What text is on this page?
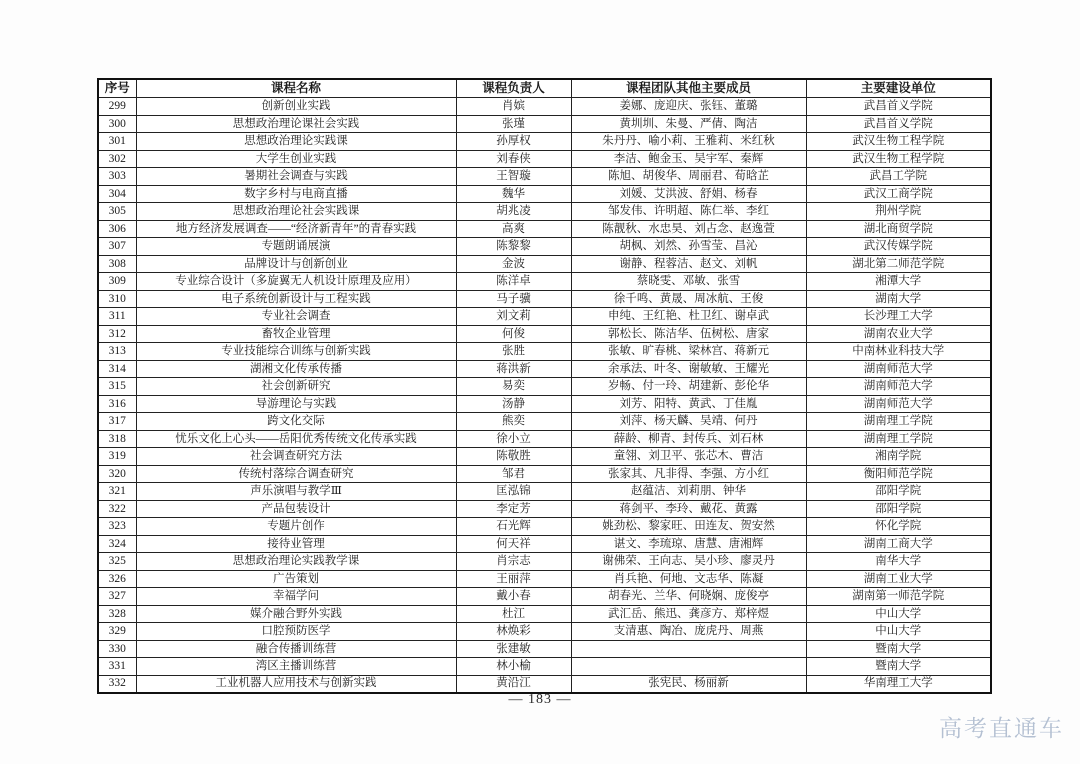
序号	课程名称	课程负责人	课程团队其他主要成员	主要建设单位
299	创新创业实践	肖嫔	姜娜、庞迎庆、张钰、董璐	武昌首义学院
300	思想政治理论课社会实践	张瑾	黄圳圳、朱曼、严倩、陶洁	武昌首义学院
301	思想政治理论实践课	孙厚权	朱丹丹、喻小莉、王雅莉、米红秋	武汉生物工程学院
302	大学生创业实践	刘春侠	李洁、鲍金玉、吴宇军、秦辉	武汉生物工程学院
303	暑期社会调查与实践	王智璇	陈旭、胡俊华、周丽君、荀晗芷	武昌工学院
304	数字乡村与电商直播	魏华	刘媛、艾洪波、舒娟、杨春	武汉工商学院
305	思想政治理论社会实践课	胡兆凌	邹发伟、许明超、陈仁举、李红	荆州学院
306	地方经济发展调查——“经济新青年”的青春实践	高爽	陈靓秋、水忠昊、刘占念、赵逸萱	湖北商贸学院
307	专题朗诵展演	陈黎黎	胡枫、刘然、孙雪莹、昌沁	武汉传媒学院
308	品牌设计与创新创业	金波	谢静、程蓉洁、赵文、刘帆	湖北第二师范学院
309	专业综合设计（多旋翼无人机设计原理及应用）	陈洋卓	蔡晓雯、邓敏、张雪	湘潭大学
310	电子系统创新设计与工程实践	马子骥	徐千鸣、黄晟、周冰航、王俊	湖南大学
311	专业社会调查	刘文莉	申纯、王红艳、杜卫红、谢卓武	长沙理工大学
312	畜牧企业管理	何俊	郭松长、陈洁华、伍树松、唐家	湖南农业大学
313	专业技能综合训练与创新实践	张胜	张敏、旷春桃、梁林宫、蒋新元	中南林业科技大学
314	湖湘文化传承传播	蒋洪新	余承法、叶冬、谢敏敏、王耀光	湖南师范大学
315	社会创新研究	易奕	岁畅、付一玲、胡建新、彭伦华	湖南师范大学
316	导游理论与实践	汤静	刘芳、阳特、黄武、丁佳胤	湖南师范大学
317	跨文化交际	熊奕	刘萍、杨天麟、吴靖、何丹	湖南理工学院
318	忧乐文化上心头——岳阳优秀传统文化传承实践	徐小立	薛龄、柳青、封传兵、刘石林	湖南理工学院
319	社会调查研究方法	陈敬胜	童翎、刘卫平、张芯木、曹洁	湘南学院
320	传统村落综合调查研究	邹君	张家其、凡非得、李强、方小红	衡阳师范学院
321	声乐演唱与教学Ⅲ	匡泓锦	赵蕴洁、刘莉朋、钟华	邵阳学院
322	产品包装设计	李定芳	蒋剑平、李玲、戴花、黄露	邵阳学院
323	专题片创作	石光辉	姚劲松、黎家旺、田连友、贺安然	怀化学院
324	接待业管理	何天祥	谌文、李琉琼、唐慧、唐湘辉	湖南工商大学
325	思想政治理论实践教学课	肖宗志	谢佛荣、王向志、吴小珍、廖灵丹	南华大学
326	广告策划	王丽萍	肖兵艳、何地、文志华、陈凝	湖南工业大学
327	幸福学问	戴小春	胡春光、兰华、何晓娴、庞俊亭	湖南第一师范学院
328	媒介融合野外实践	杜江	武汇岳、熊迅、龚彦方、郑梓煜	中山大学
329	口腔预防医学	林焕彩	支清惠、陶冶、庞虎丹、周燕	中山大学
330	融合传播训练营	张建敏		暨南大学
331	湾区主播训练营	林小榆		暨南大学
332	工业机器人应用技术与创新实践	黄沿江	张宪民、杨丽新	华南理工大学
— 183 —
高考直通车
